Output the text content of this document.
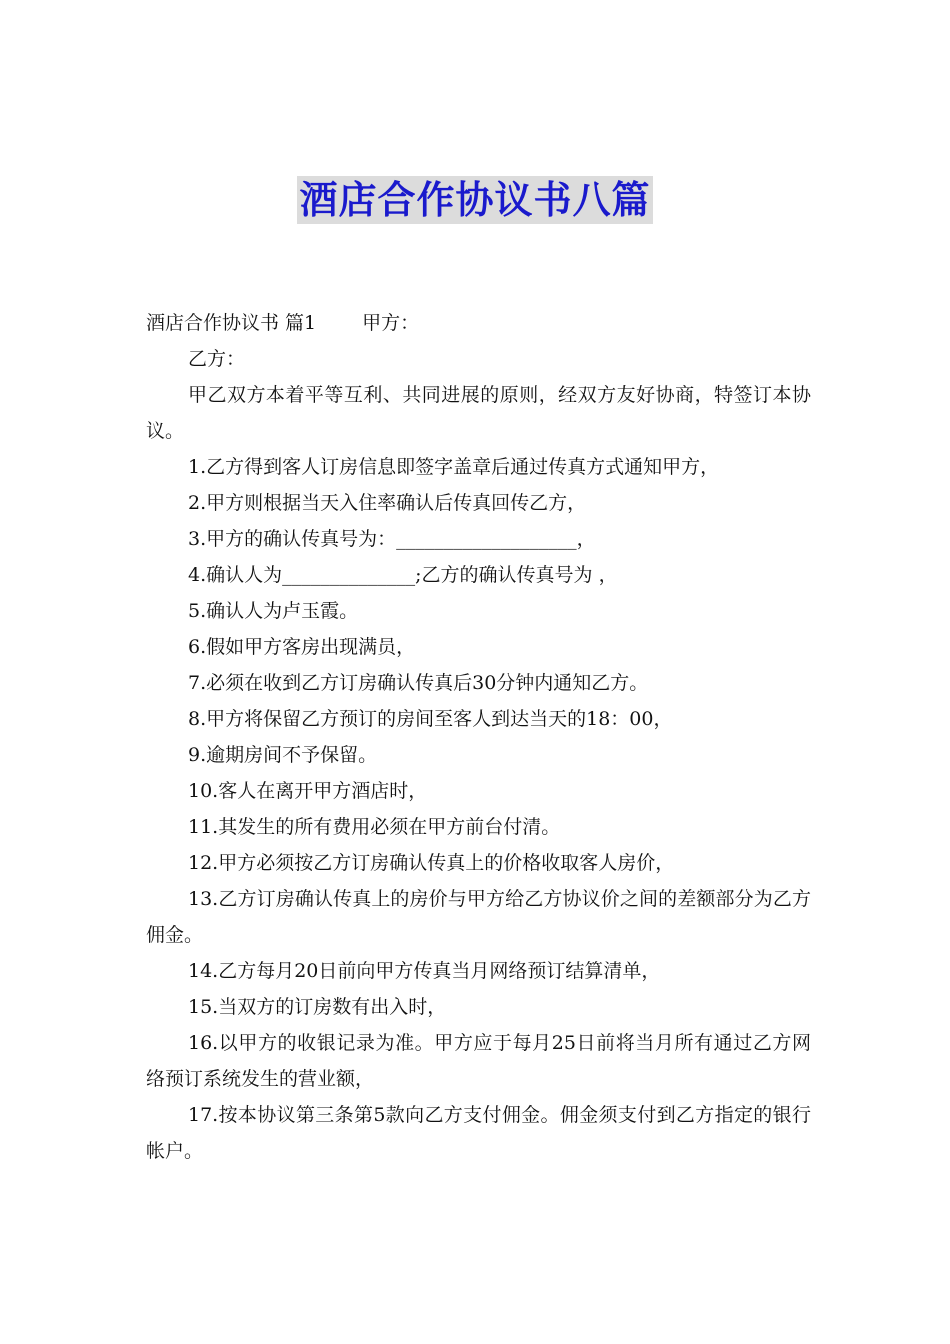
酒店合作协议书八篇

酒店合作协议书 篇1 甲方：

乙方：

甲乙双方本着平等互利、共同进展的原则，经双方友好协商，特签订本协议。

1.乙方得到客人订房信息即签字盖章后通过传真方式通知甲方，

2.甲方则根据当天入住率确认后传真回传乙方，

3.甲方的确认传真号为：___________________，

4.确认人为______________;乙方的确认传真号为 ，

5.确认人为卢玉霞。

6.假如甲方客房出现满员，

7.必须在收到乙方订房确认传真后30分钟内通知乙方。

8.甲方将保留乙方预订的房间至客人到达当天的18：00，

9.逾期房间不予保留。

10.客人在离开甲方酒店时，

11.其发生的所有费用必须在甲方前台付清。

12.甲方必须按乙方订房确认传真上的价格收取客人房价，

13.乙方订房确认传真上的房价与甲方给乙方协议价之间的差额部分为乙方佣金。

14.乙方每月20日前向甲方传真当月网络预订结算清单，

15.当双方的订房数有出入时，

16.以甲方的收银记录为准。甲方应于每月25日前将当月所有通过乙方网络预订系统发生的营业额，

17.按本协议第三条第5款向乙方支付佣金。佣金须支付到乙方指定的银行帐户。
